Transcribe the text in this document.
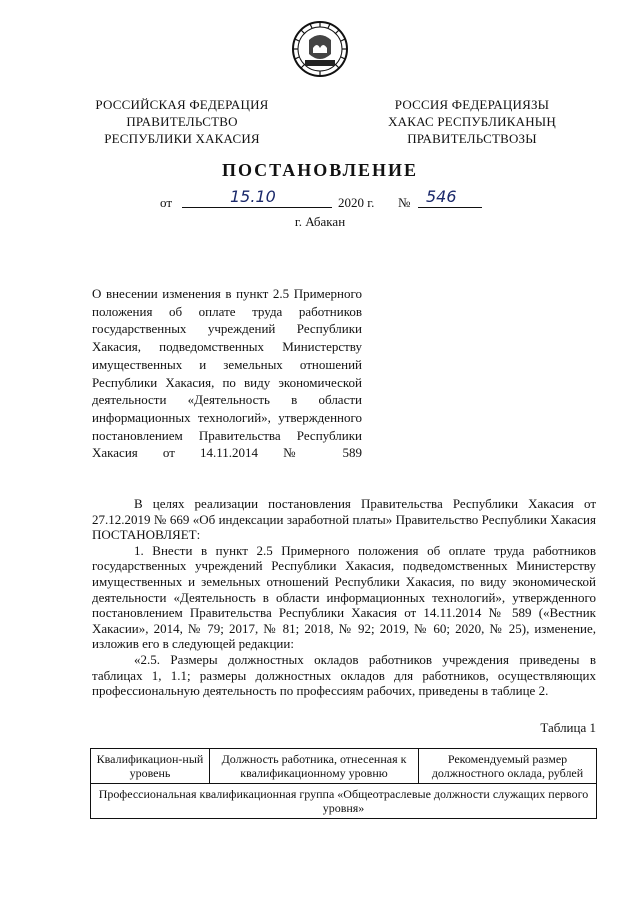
РОССИЙСКАЯ ФЕДЕРАЦИЯ
ПРАВИТЕЛЬСТВО
РЕСПУБЛИКИ ХАКАСИЯ
РОССИЯ ФЕДЕРАЦИЯЗЫ
ХАКАС РЕСПУБЛИКАНЫҢ
ПРАВИТЕЛЬСТВОЗЫ
ПОСТАНОВЛЕНИЕ
от	15.10	2020 г. № 546
г. Абакан
О внесении изменения в пункт 2.5 Примерного положения об оплате труда работников государственных учреждений Республики Хакасия, подведомственных Министерству имущественных и земельных отношений Республики Хакасия, по виду экономической деятельности «Деятельность в области информационных технологий», утвержденного постановлением Правительства Республики Хакасия от 14.11.2014 № 589

В целях реализации постановления Правительства Республики Хакасия от 27.12.2019 № 669 «Об индексации заработной платы» Правительство Республики Хакасия ПОСТАНОВЛЯЕТ:

1. Внести в пункт 2.5 Примерного положения об оплате труда работников государственных учреждений Республики Хакасия, подведомственных Министерству имущественных и земельных отношений Республики Хакасия, по виду экономической деятельности «Деятельность в области информационных технологий», утвержденного постановлением Правительства Республики Хакасия от 14.11.2014 № 589 («Вестник Хакасии», 2014, № 79; 2017, № 81; 2018, № 92; 2019, № 60; 2020, № 25), изменение, изложив его в следующей редакции:

«2.5. Размеры должностных окладов работников учреждения приведены в таблицах 1, 1.1; размеры должностных окладов для работников, осуществляющих профессиональную деятельность по профессиям рабочих, приведены в таблице 2.

Таблица 1
Квалификацион-ный уровень	Должность работника, отнесенная к квалификационному уровню	Рекомендуемый размер должностного оклада, рублей
Профессиональная квалификационная группа «Общеотраслевые должности служащих первого уровня»
